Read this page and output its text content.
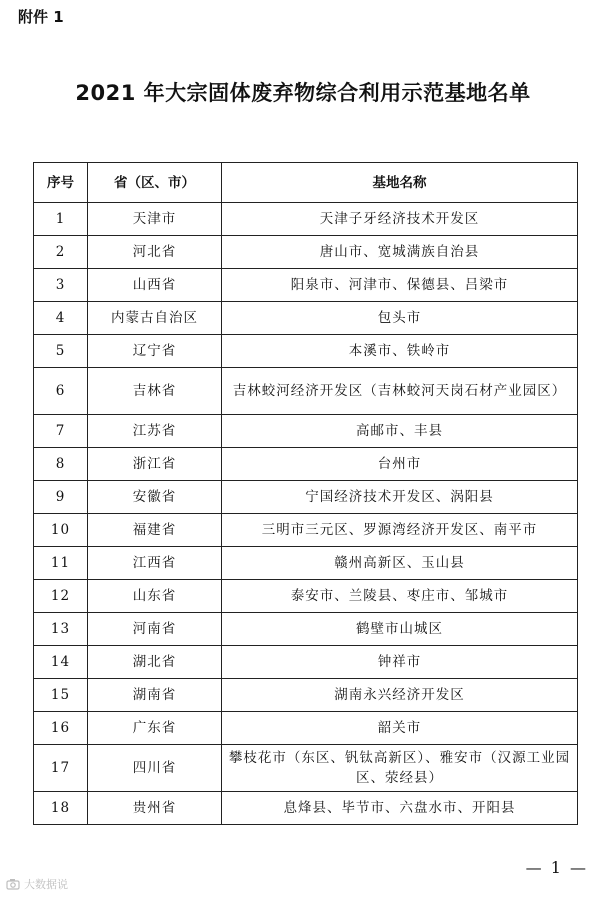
附件 1
2021 年大宗固体废弃物综合利用示范基地名单
序号	省（区、市）	基地名称
1	天津市	天津子牙经济技术开发区
2	河北省	唐山市、宽城满族自治县
3	山西省	阳泉市、河津市、保德县、吕梁市
4	内蒙古自治区	包头市
5	辽宁省	本溪市、铁岭市
6	吉林省	吉林蛟河经济开发区（吉林蛟河天岗石材产业园区）
7	江苏省	高邮市、丰县
8	浙江省	台州市
9	安徽省	宁国经济技术开发区、涡阳县
10	福建省	三明市三元区、罗源湾经济开发区、南平市
11	江西省	赣州高新区、玉山县
12	山东省	泰安市、兰陵县、枣庄市、邹城市
13	河南省	鹤壁市山城区
14	湖北省	钟祥市
15	湖南省	湖南永兴经济开发区
16	广东省	韶关市
17	四川省	攀枝花市（东区、钒钛高新区）、雅安市（汉源工业园区、荥经县）
18	贵州省	息烽县、毕节市、六盘水市、开阳县
— 1 —
大数据说
